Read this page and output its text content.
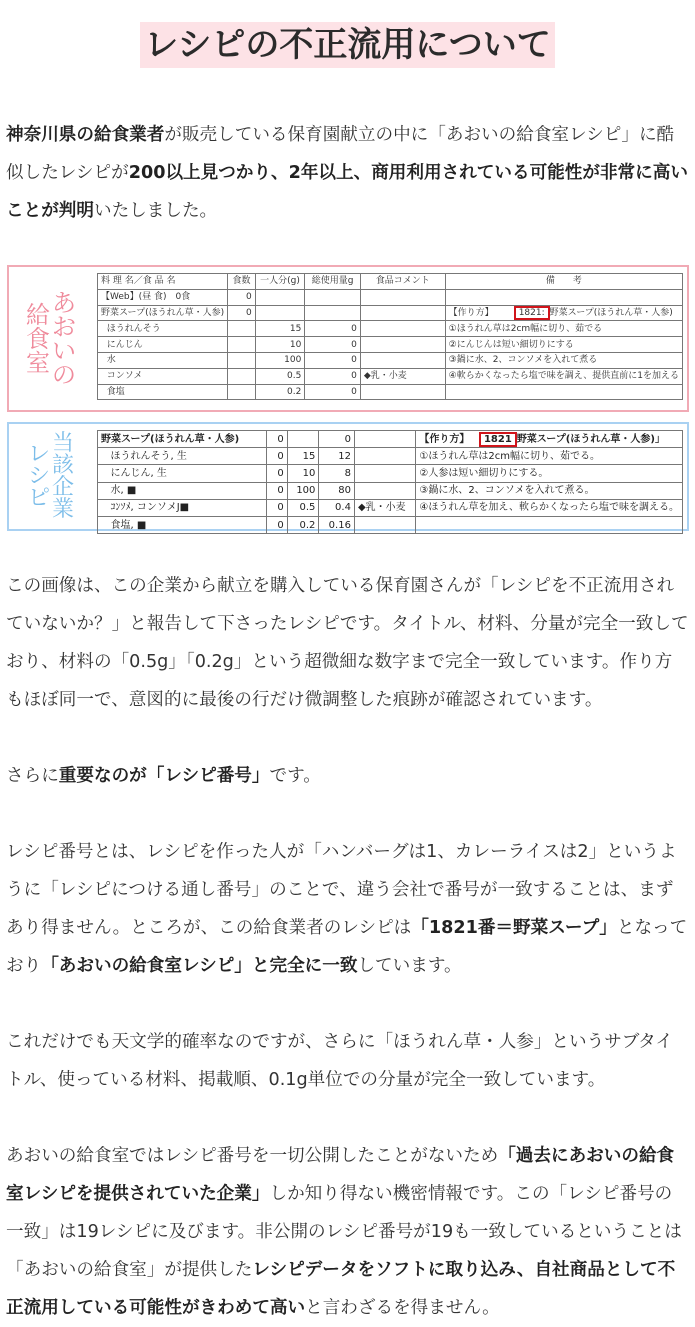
レシピの不正流用について

神奈川県の給食業者が販売している保育園献立の中に「あおいの給食室レシピ」に酷似したレシピが200以上見つかり、2年以上、商用利用されている可能性が非常に高いことが判明いたしました。

給
食
室
あ
お
い
の
料 理 名／食 品 名	食数	一人分(g)	総使用量g	食品コメント	備　　考
【Web】(昼 食)　0食	0				
野菜スープ(ほうれん草・人参)	0				【作り方】 1821: 野菜スープ(ほうれん草・人参)
ほうれんそう		15	0		①ほうれん草は2cm幅に切り、茹でる
にんじん		10	0		②にんじんは短い細切りにする
水		100	0		③鍋に水、2、コンソメを入れて煮る
コンソメ		0.5	0	◆乳・小麦	④軟らかくなったら塩で味を調え、提供直前に1を加える
食塩		0.2	0		
レ
シ
ピ
当
該
企
業
野菜スープ(ほうれん草・人参)	0		0		【作り方】 1821 野菜スープ(ほうれん草・人参)」
ほうれんそう, 生	0	15	12		①ほうれん草は2cm幅に切り、茹でる。
にんじん, 生	0	10	8		②人参は短い細切りにする。
水, ■	0	100	80		③鍋に水、2、コンソメを入れて煮る。
ｺﾝｿﾒ, コンソメJ■	0	0.5	0.4	◆乳・小麦	④ほうれん草を加え、軟らかくなったら塩で味を調える。
食塩, ■	0	0.2	0.16		

この画像は、この企業から献立を購入している保育園さんが「レシピを不正流用されていないか？」と報告して下さったレシピです。タイトル、材料、分量が完全一致しており、材料の「0.5g」「0.2g」という超微細な数字まで完全一致しています。作り方もほぼ同一で、意図的に最後の行だけ微調整した痕跡が確認されています。

さらに重要なのが「レシピ番号」です。

レシピ番号とは、レシピを作った人が「ハンバーグは1、カレーライスは2」というように「レシピにつける通し番号」のことで、違う会社で番号が一致することは、まずあり得ません。ところが、この給食業者のレシピは「1821番＝野菜スープ」となっており「あおいの給食室レシピ」と完全に一致しています。

これだけでも天文学的確率なのですが、さらに「ほうれん草・人参」というサブタイトル、使っている材料、掲載順、0.1g単位での分量が完全一致しています。

あおいの給食室ではレシピ番号を一切公開したことがないため「過去にあおいの給食室レシピを提供されていた企業」しか知り得ない機密情報です。この「レシピ番号の一致」は19レシピに及びます。非公開のレシピ番号が19も一致しているということは「あおいの給食室」が提供したレシピデータをソフトに取り込み、自社商品として不正流用している可能性がきわめて高いと言わざるを得ません。
